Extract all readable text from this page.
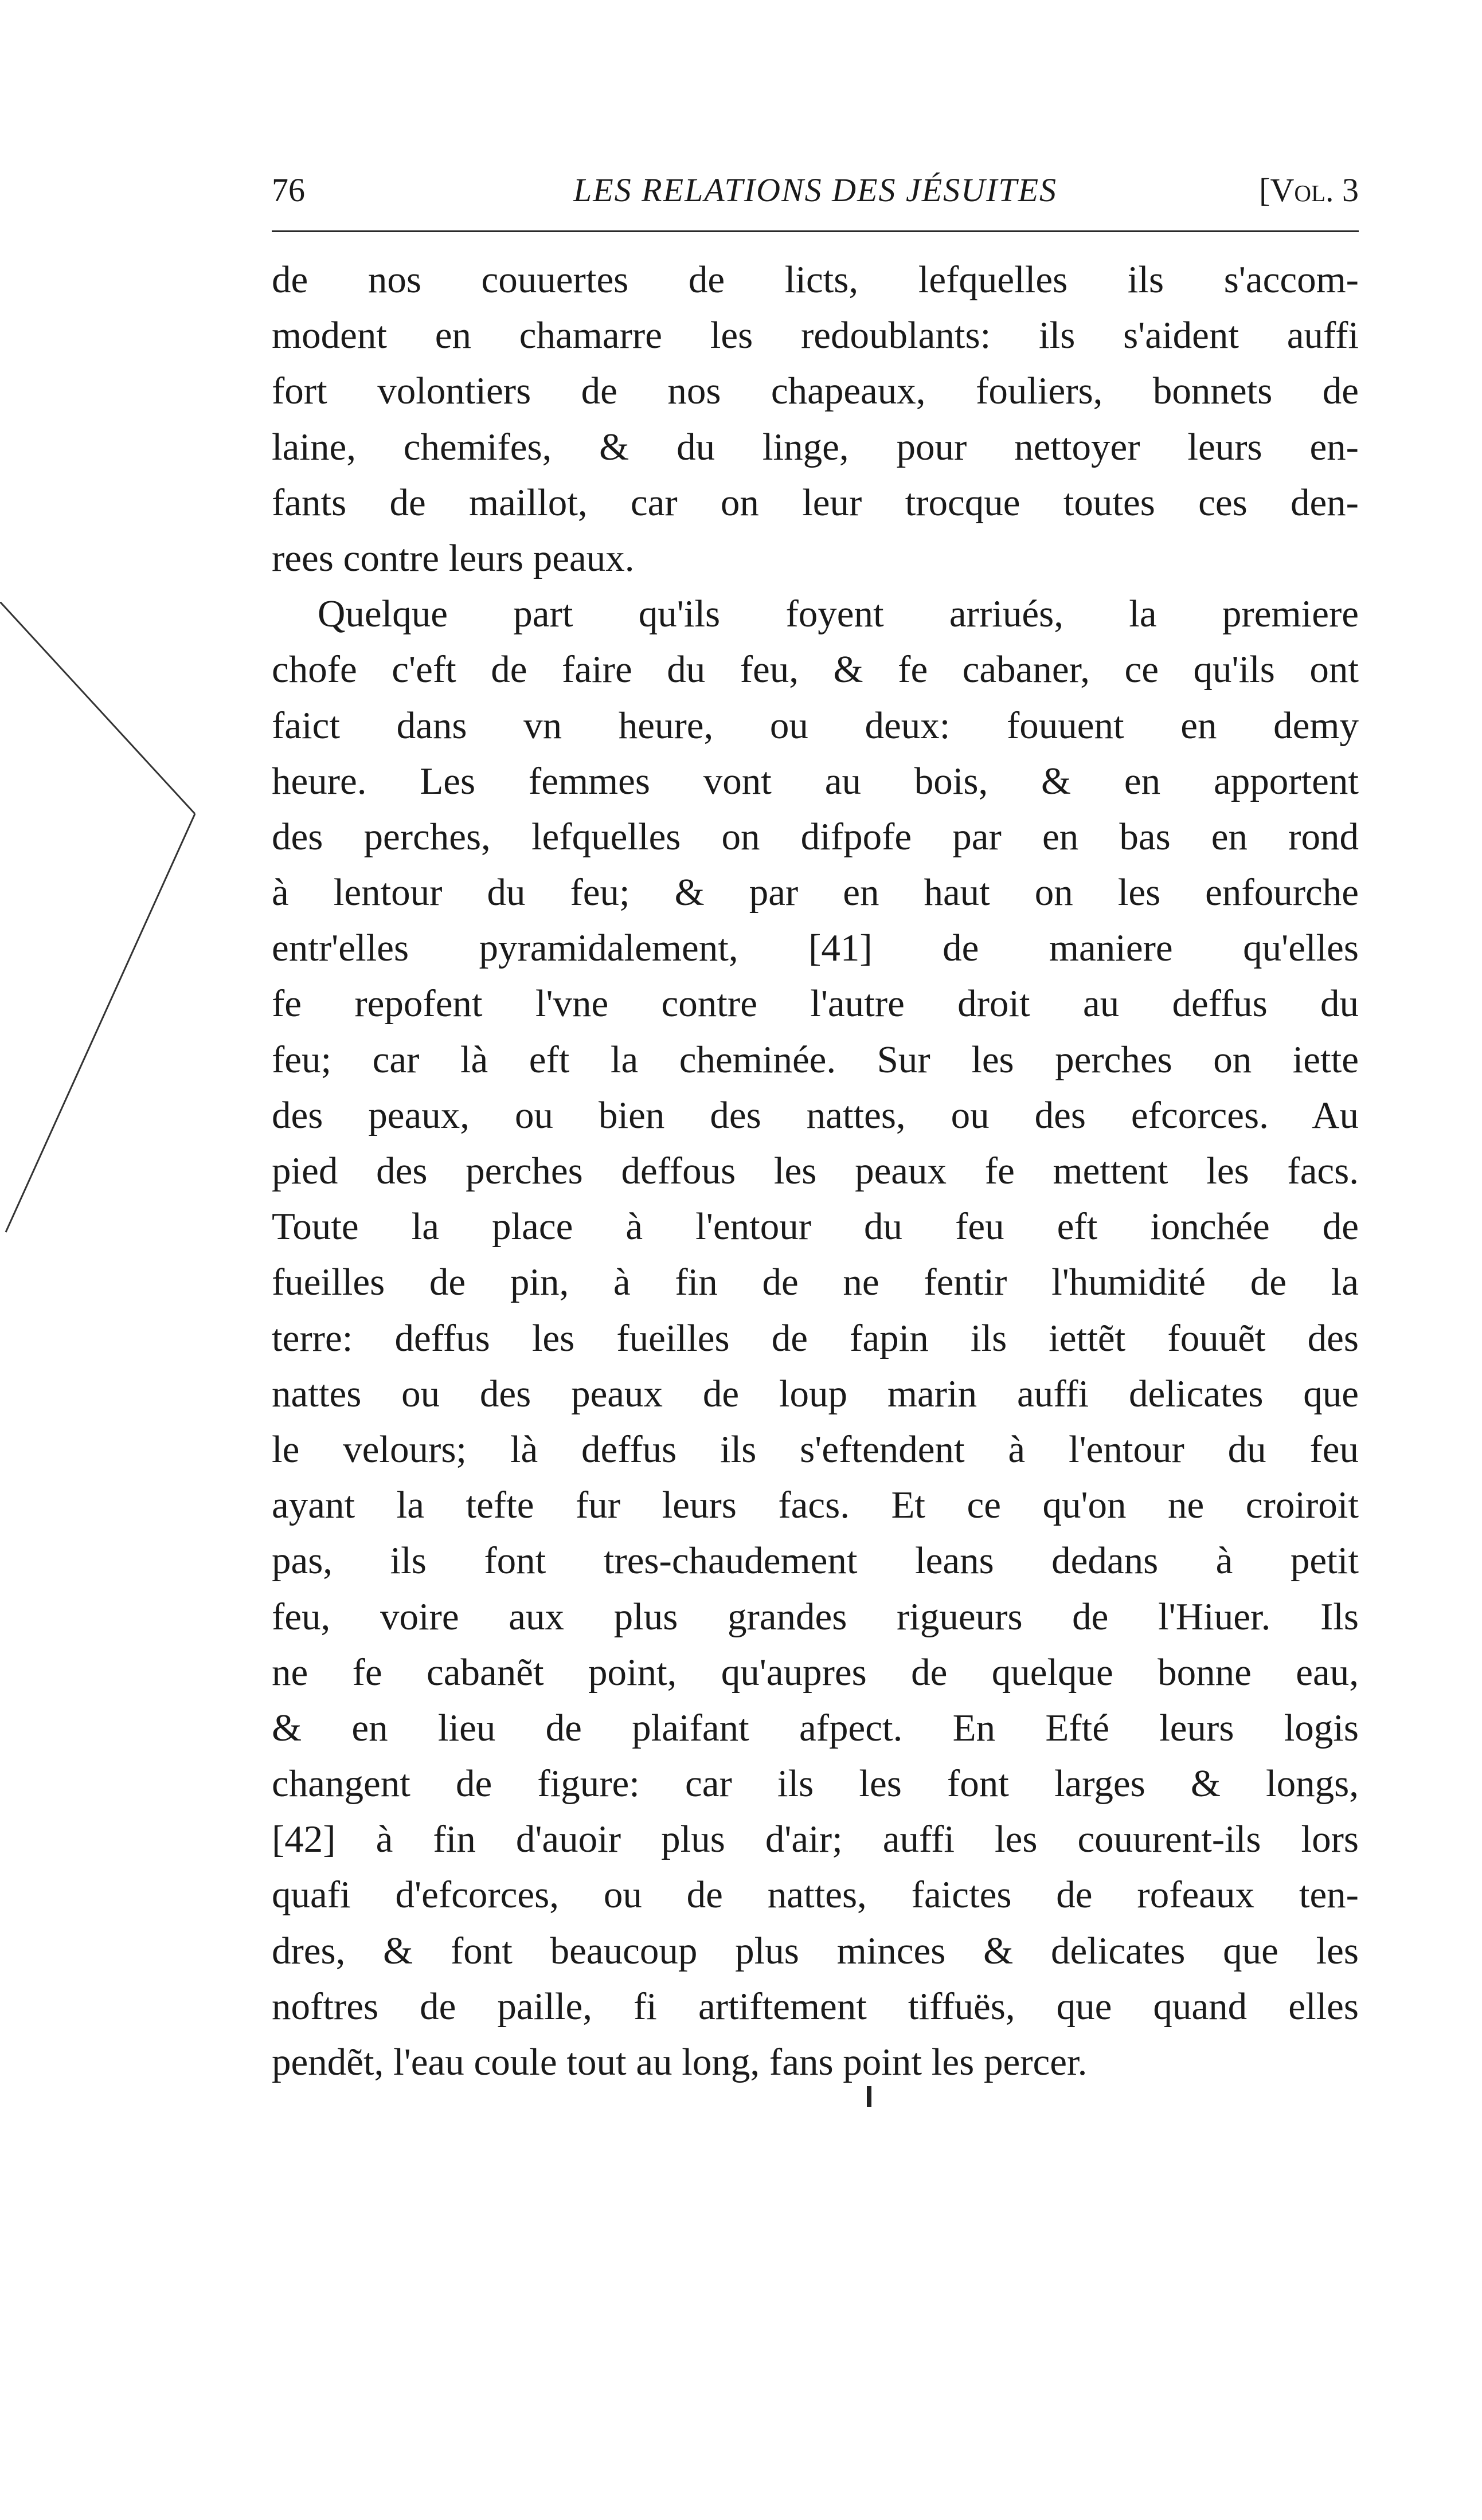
76	LES RELATIONS DES JÉSUITES	[Vol. 3
de nos couuertes de licts, lefquelles ils s'accom-
modent en chamarre les redoublants: ils s'aident auffi
fort volontiers de nos chapeaux, fouliers, bonnets de
laine, chemifes, & du linge, pour nettoyer leurs en-
fants de maillot, car on leur trocque toutes ces den-
rees contre leurs peaux.
Quelque part qu'ils foyent arriués, la premiere
chofe c'eft de faire du feu, & fe cabaner, ce qu'ils ont
faict dans vn heure, ou deux: fouuent en demy
heure. Les femmes vont au bois, & en apportent
des perches, lefquelles on difpofe par en bas en rond
à lentour du feu; & par en haut on les enfourche
entr'elles pyramidalement, [41] de maniere qu'elles
fe repofent l'vne contre l'autre droit au deffus du
feu; car là eft la cheminée. Sur les perches on iette
des peaux, ou bien des nattes, ou des efcorces. Au
pied des perches deffous les peaux fe mettent les facs.
Toute la place à l'entour du feu eft ionchée de
fueilles de pin, à fin de ne fentir l'humidité de la
terre: deffus les fueilles de fapin ils iettẽt fouuẽt des
nattes ou des peaux de loup marin auffi delicates que
le velours; là deffus ils s'eftendent à l'entour du feu
ayant la tefte fur leurs facs. Et ce qu'on ne croiroit
pas, ils font tres-chaudement leans dedans à petit
feu, voire aux plus grandes rigueurs de l'Hiuer. Ils
ne fe cabanẽt point, qu'aupres de quelque bonne eau,
& en lieu de plaifant afpect. En Efté leurs logis
changent de figure: car ils les font larges & longs,
[42] à fin d'auoir plus d'air; auffi les couurent-ils lors
quafi d'efcorces, ou de nattes, faictes de rofeaux ten-
dres, & font beaucoup plus minces & delicates que les
noftres de paille, fi artiftement tiffuës, que quand elles
pendẽt, l'eau coule tout au long, fans point les percer.
